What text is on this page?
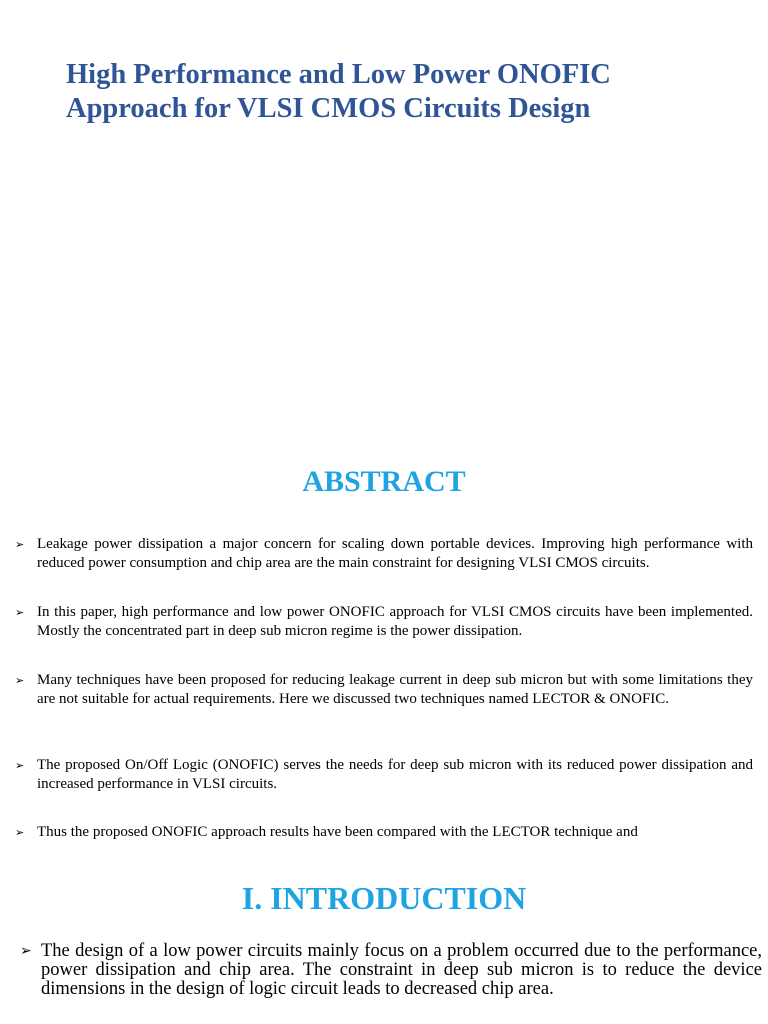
High Performance and Low Power ONOFIC
Approach for VLSI CMOS Circuits Design
ABSTRACT
➢ Leakage power dissipation a major concern for scaling down portable devices. Improving high performance with reduced power consumption and chip area are the main constraint for designing VLSI CMOS circuits.

➢ In this paper, high performance and low power ONOFIC approach for VLSI CMOS circuits have been implemented. Mostly the concentrated part in deep sub micron regime is the power dissipation.

➢ Many techniques have been proposed for reducing leakage current in deep sub micron but with some limitations they are not suitable for actual requirements. Here we discussed two techniques named LECTOR & ONOFIC.

➢ The proposed On/Off Logic (ONOFIC) serves the needs for deep sub micron with its reduced power dissipation and increased performance in VLSI circuits.

➢ Thus the proposed ONOFIC approach results have been compared with the LECTOR technique and

I. INTRODUCTION
➢ The design of a low power circuits mainly focus on a problem occurred due to the performance, power dissipation and chip area. The constraint in deep sub micron is to reduce the device dimensions in the design of logic circuit leads to decreased chip area.
